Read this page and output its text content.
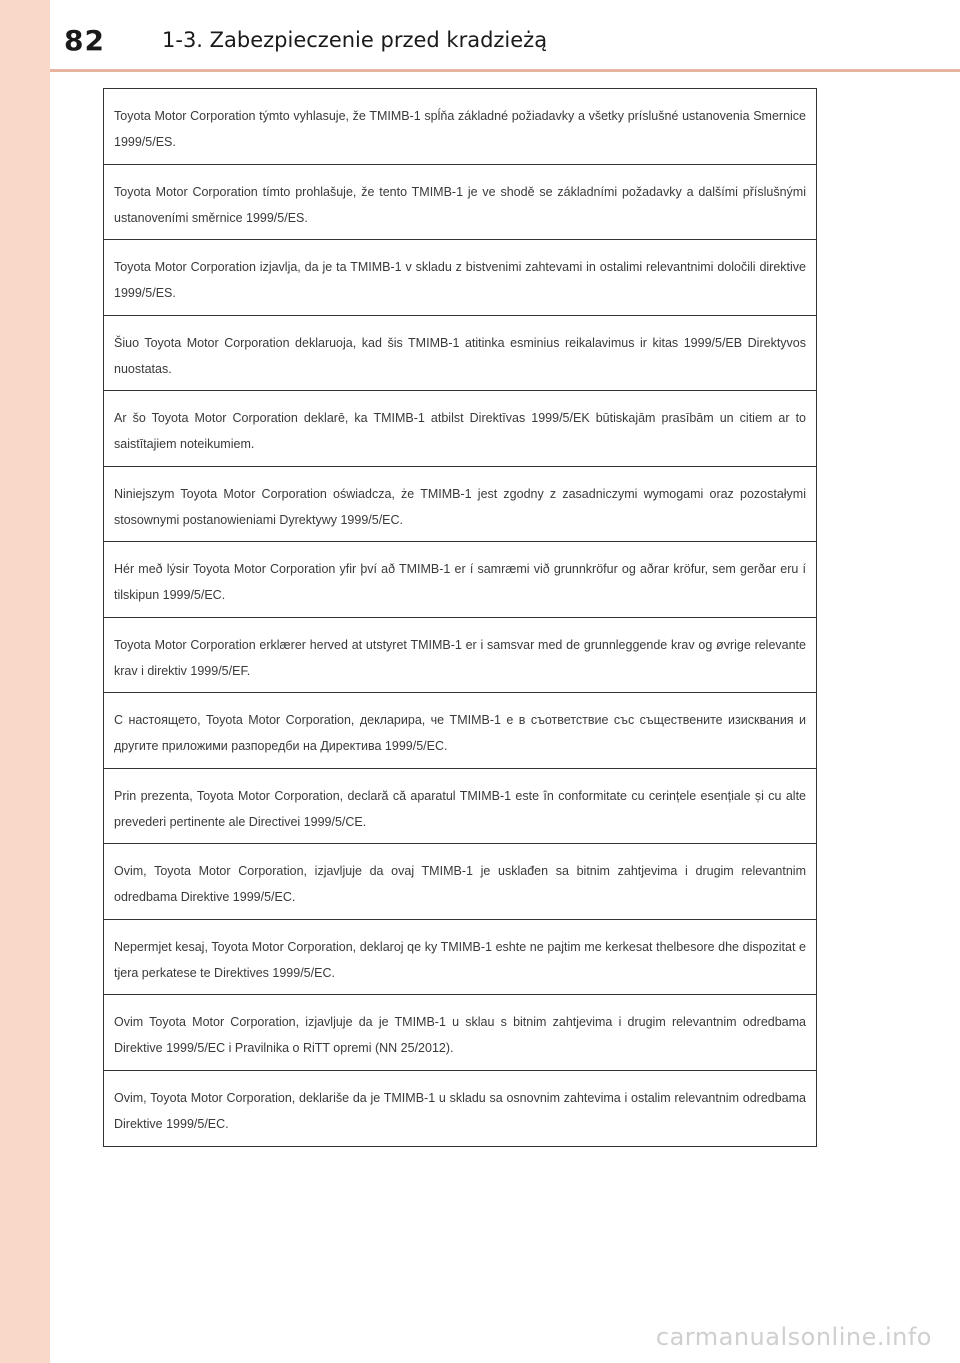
82	1-3. Zabezpieczenie przed kradzieżą
Toyota Motor Corporation týmto vyhlasuje, že TMIMB-1 spĺňa základné požiadavky a všetky príslušné ustanovenia Smernice 1999/5/ES.
Toyota Motor Corporation tímto prohlašuje, že tento TMIMB-1 je ve shodě se základními požadavky a dalšími příslušnými ustanoveními směrnice 1999/5/ES.
Toyota Motor Corporation izjavlja, da je ta TMIMB-1 v skladu z bistvenimi zahtevami in ostalimi relevantnimi določili direktive 1999/5/ES.
Šiuo Toyota Motor Corporation deklaruoja, kad šis TMIMB-1 atitinka esminius reikalavimus ir kitas 1999/5/EB Direktyvos nuostatas.
Ar šo Toyota Motor Corporation deklarē, ka TMIMB-1 atbilst Direktīvas 1999/5/EK būtiskajām prasībām un citiem ar to saistītajiem noteikumiem.
Niniejszym Toyota Motor Corporation oświadcza, że TMIMB-1 jest zgodny z zasadniczymi wymogami oraz pozostałymi stosownymi postanowieniami Dyrektywy 1999/5/EC.
Hér með lýsir Toyota Motor Corporation yfir því að TMIMB-1 er í samræmi við grunnkröfur og aðrar kröfur, sem gerðar eru í tilskipun 1999/5/EC.
Toyota Motor Corporation erklærer herved at utstyret TMIMB-1 er i samsvar med de grunnleggende krav og øvrige relevante krav i direktiv 1999/5/EF.
С настоящето, Toyota Motor Corporation, декларира, че TMIMB-1 е в съответствие със съществените изисквания и другите приложими разпоредби на Директива 1999/5/EC.
Prin prezenta, Toyota Motor Corporation, declară că aparatul TMIMB-1 este în conformitate cu cerințele esențiale și cu alte prevederi pertinente ale Directivei 1999/5/CE.
Ovim, Toyota Motor Corporation, izjavljuje da ovaj TMIMB-1 je usklađen sa bitnim zahtjevima i drugim relevantnim odredbama Direktive 1999/5/EC.
Nepermjet kesaj, Toyota Motor Corporation, deklaroj qe ky TMIMB-1 eshte ne pajtim me kerkesat thelbesore dhe dispozitat e tjera perkatese te Direktives 1999/5/EC.
Ovim Toyota Motor Corporation, izjavljuje da je TMIMB-1 u sklau s bitnim zahtjevima i drugim relevantnim odredbama Direktive 1999/5/EC i Pravilnika o RiTT opremi (NN 25/2012).
Ovim, Toyota Motor Corporation, deklariše da je TMIMB-1 u skladu sa osnovnim zahtevima i ostalim relevantnim odredbama Direktive 1999/5/EC.
carmanualsonline.info
